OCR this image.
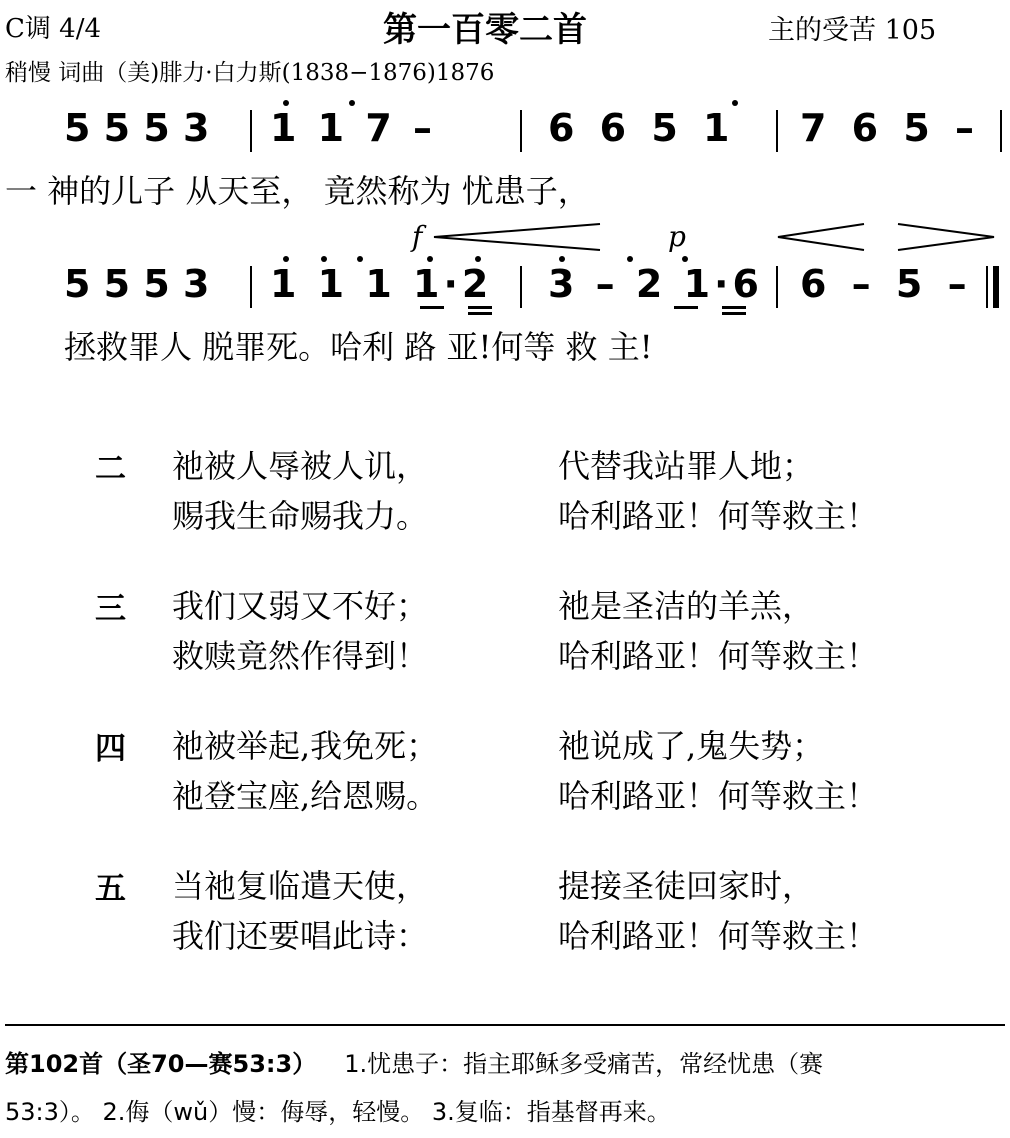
C调 4/4	第一百零二首	主的受苦 105
稍慢 词曲（美)腓力·白力斯(1838−1876)1876
5 5 5 3 1 1 7 –	6 6 5 1 7 6 5 –
一 神的儿子 从天至， 竟然称为 忧患子，
f	p
5 5 5 3 1 1 1 1·2 3 – 2 1·6 6 – 5 –
拯救罪人 脱罪死。哈利 路 亚!何等 救 主!
二 祂被人辱被人讥，	代替我站罪人地；
赐我生命赐我力。	哈利路亚！何等救主！
三 我们又弱又不好；	祂是圣洁的羊羔，
救赎竟然作得到！	哈利路亚！何等救主！
四 祂被举起,我免死；	祂说成了,鬼失势；
祂登宝座,给恩赐。	哈利路亚！何等救主！
五 当祂复临遣天使，	提接圣徒回家时，
我们还要唱此诗：	哈利路亚！何等救主！
第102首（圣70—赛53:3） 1.忧患子：指主耶稣多受痛苦，常经忧患（赛
53:3）。 2.侮（wǔ）慢：侮辱，轻慢。 3.复临：指基督再来。
